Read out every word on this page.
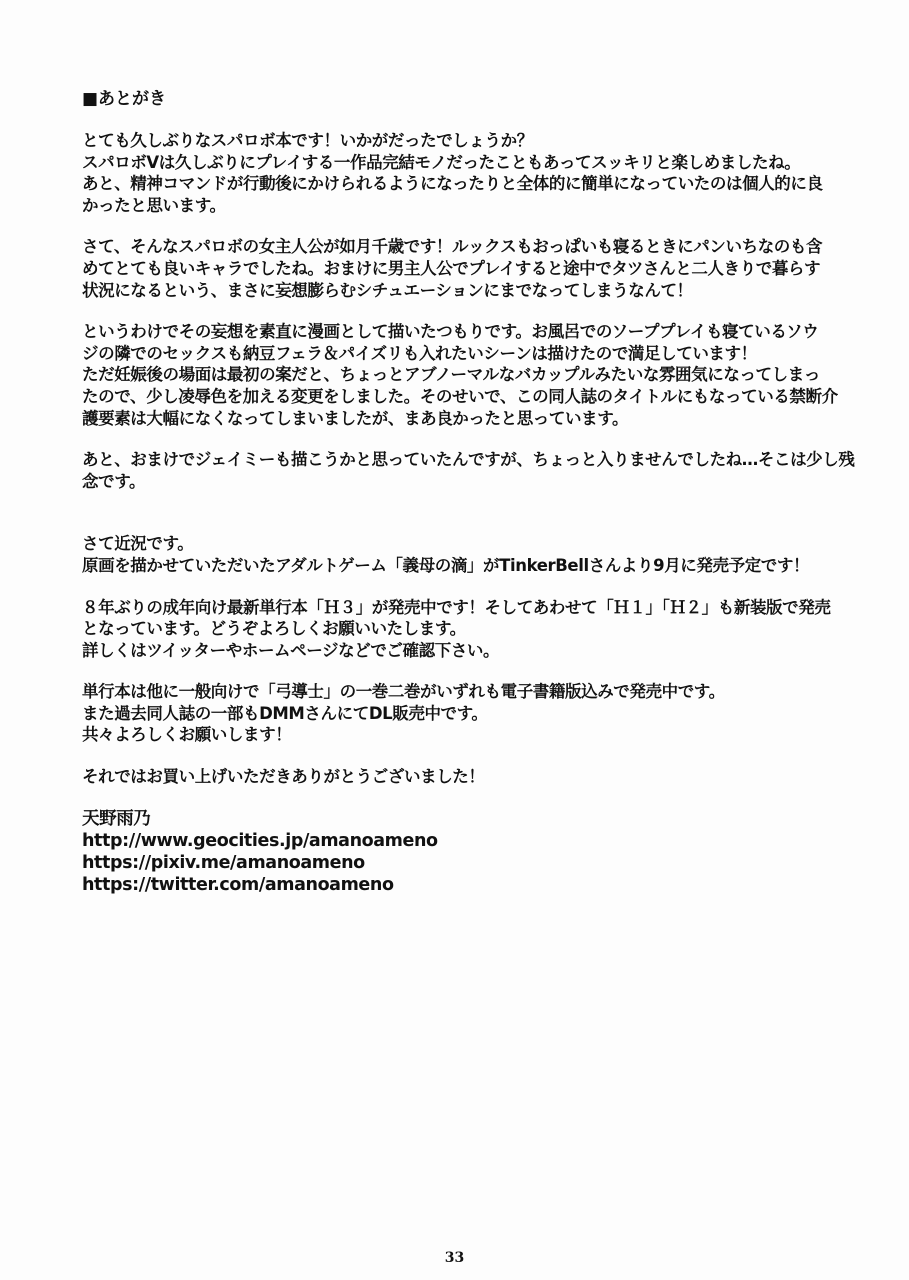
■あとがき
とても久しぶりなスパロボ本です！いかがだったでしょうか？
スパロボVは久しぶりにプレイする一作品完結モノだったこともあってスッキリと楽しめましたね。
あと、精神コマンドが行動後にかけられるようになったりと全体的に簡単になっていたのは個人的に良
かったと思います。
さて、そんなスパロボの女主人公が如月千歳です！ルックスもおっぱいも寝るときにパンいちなのも含
めてとても良いキャラでしたね。おまけに男主人公でプレイすると途中でタツさんと二人きりで暮らす
状況になるという、まさに妄想膨らむシチュエーションにまでなってしまうなんて！
というわけでその妄想を素直に漫画として描いたつもりです。お風呂でのソーププレイも寝ているソウ
ジの隣でのセックスも納豆フェラ＆パイズリも入れたいシーンは描けたので満足しています！
ただ妊娠後の場面は最初の案だと、ちょっとアブノーマルなバカップルみたいな雰囲気になってしまっ
たので、少し凌辱色を加える変更をしました。そのせいで、この同人誌のタイトルにもなっている禁断介
護要素は大幅になくなってしまいましたが、まあ良かったと思っています。
あと、おまけでジェイミーも描こうかと思っていたんですが、ちょっと入りませんでしたね…そこは少し残
念です。
さて近況です。
原画を描かせていただいたアダルトゲーム「義母の滴」がTinkerBellさんより9月に発売予定です！
８年ぶりの成年向け最新単行本「Ｈ３」が発売中です！そしてあわせて「Ｈ１」「Ｈ２」も新装版で発売
となっています。どうぞよろしくお願いいたします。
詳しくはツイッターやホームページなどでご確認下さい。
単行本は他に一般向けで「弓導士」の一巻二巻がいずれも電子書籍版込みで発売中です。
また過去同人誌の一部もDMMさんにてDL販売中です。
共々よろしくお願いします！
それではお買い上げいただきありがとうございました！
天野雨乃
http://www.geocities.jp/amanoameno
https://pixiv.me/amanoameno
https://twitter.com/amanoameno
33
